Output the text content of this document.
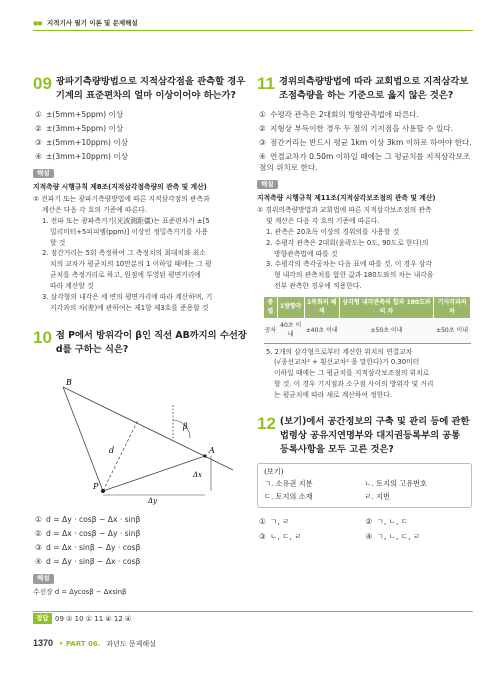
●● 지적기사 필기 이론 및 문제해설
09 광파기측량방법으로 지적삼각점을 관측할 경우 기계의 표준편차의 얼마 이상이어야 하는가?
① ±(5mm+5ppm) 이상
② ±(3mm+5ppm) 이상
③ ±(5mm+10ppm) 이상
④ ±(3mm+10ppm) 이상
해설
지적측량 시행규칙 제8조(지적삼각점측량의 관측 및 계산)
② 전파기 또는 광파기측량방법에 따른 지적삼각점의 관측과
계산은 다음 각 호의 기준에 따른다.
1. 전파 또는 광파측거기(光波測距儀)는 표준편차가 ±[5
밀리미터+5피피엠(ppm)] 이상인 정밀측거기를 사용
할 것
2. 점간거리는 5회 측정하여 그 측정치의 최대치와 최소
치의 교차가 평균치의 10만분의 1 이하일 때에는 그 평
균치를 측정거리로 하고, 원점에 투영된 평면거리에
따라 계산할 것
3. 삼각형의 내각은 세 변의 평면거리에 따라 계산하며, 기
지각과의 차(差)에 관하여는 제1항 제3호를 준용할 것
10 점 P에서 방위각이 β인 직선 AB까지의 수선장 d를 구하는 식은?
B
A
P
d
β
Δx
Δy
① d = Δy · cosβ − Δx · sinβ
② d = Δx · cosβ − Δy · sinβ
③ d = Δx · sinβ − Δy · cosβ
④ d = Δy · sinβ − Δx · cosβ
해설
수선장 d = Δycosβ − Δxsinβ
11 경위의측량방법에 따라 교회법으로 지적삼각보조점측량을 하는 기준으로 옳지 않은 것은?
① 수평각 관측은 2대회의 방향관측법에 따른다.
② 지형상 부득이한 경우 두 점의 기지점을 사용할 수 있다.
③ 점간거리는 반드시 평균 1km 이상 3km 이하로 하여야 한다.
④ 연결교차가 0.50m 이하일 때에는 그 평균치를 지적삼각보조점의 위치로 한다.
해설
지적측량 시행규칙 제11조(지적삼각보조점의 관측 및 계산)
② 경위의측량방법과 교회법에 따른 지적삼각보조점의 관측
및 계산은 다음 각 호의 기준에 따른다.
1. 관측은 20초독 이상의 경위의를 사용할 것
2. 수평각 관측은 2대회(윤곽도는 0도, 90도로 한다)의
방향관측법에 따를 것
3. 수평각의 측각공차는 다음 표에 따를 것. 이 경우 삼각
형 내각의 관측치를 합한 값과 180도와의 차는 내각을
전부 관측한 경우에 적용한다.
종별	1방향각	1측회의 폐색	삼각형 내각관측의 합과 180도와의 차	기지각과의 차
공차	40초 이내	±40초 이내	±50초 이내	±50초 이내
5. 2개의 삼각형으로부터 계산한 위치의 연결교차
(√종선교차² + 횡선교차² 을 말한다)가 0.30미터
이하일 때에는 그 평균치를 지적삼각보조점의 위치로
할 것. 이 경우 기지점과 소구점 사이의 방위각 및 거리
는 평균치에 따라 새로 계산하여 정한다.
12 (보기)에서 공간정보의 구축 및 관리 등에 관한 법령상 공유지연명부와 대지권등록부의 공통 등록사항을 모두 고른 것은?
(보기)
ㄱ. 소유권 지분	ㄴ. 토지의 고유번호
ㄷ. 토지의 소재	ㄹ. 지번
① ㄱ, ㄹ	② ㄱ, ㄴ, ㄷ
③ ㄴ, ㄷ, ㄹ	④ ㄱ, ㄴ, ㄷ, ㄹ
정답 09 ① 10 ① 11 ④ 12 ④
1370 • PART 06. 과년도 문제해설
